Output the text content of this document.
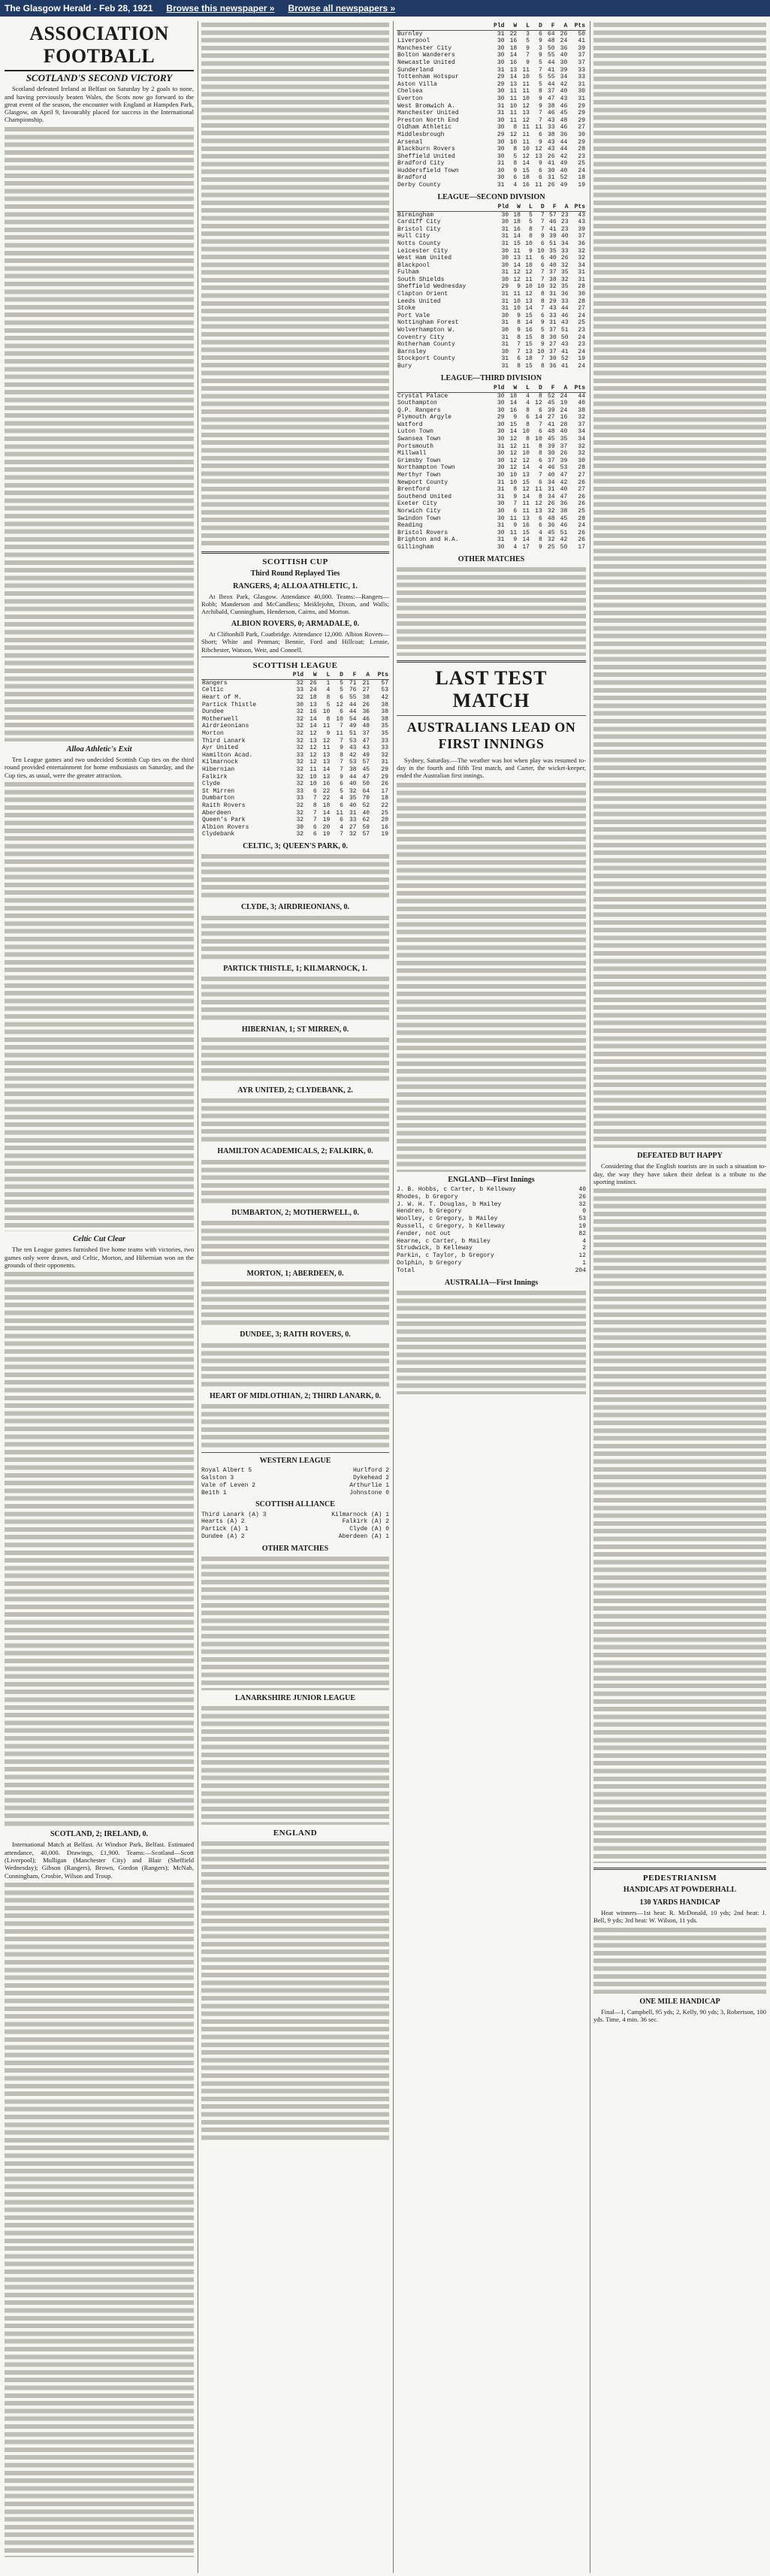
The Glasgow Herald - Feb 28, 1921 Browse this newspaper » Browse all newspapers »
ASSOCIATION FOOTBALL
SCOTLAND'S SECOND VICTORY
Scotland defeated Ireland at Belfast on Saturday by 2 goals to none, and having previously beaten Wales, the Scots now go forward to the great event of the season, the encounter with England at Hampden Park, Glasgow, on April 9, favourably placed for success in the International Championship.
Alloa Athletic's Exit
Ten League games and two undecided Scottish Cup ties on the third round provided entertainment for home enthusiasts on Saturday, and the Cup ties, as usual, were the greater attraction.
Celtic Cut Clear
The ten League games furnished five home teams with victories, two games only were drawn, and Celtic, Morton, and Hibernian won on the grounds of their opponents.
SCOTLAND, 2; IRELAND, 0.
International Match at Belfast. At Windsor Park, Belfast. Estimated attendance, 40,000. Drawings, £1,900. Teams:—Scotland—Scott (Liverpool); Mulligan (Manchester City) and Blair (Sheffield Wednesday); Gibson (Rangers), Brown, Gordon (Rangers); McNab, Cunningham, Crosbie, Wilson and Troup.
SCOTTISH CUP
Third Round Replayed Ties
RANGERS, 4; ALLOA ATHLETIC, 1.
At Ibrox Park, Glasgow. Attendance 40,000. Teams:—Rangers—Robb; Manderson and McCandless; Meiklejohn, Dixon, and Walls; Archibald, Cunningham, Henderson, Cairns, and Morton.
ALBION ROVERS, 0; ARMADALE, 0.
At Cliftonhill Park, Coatbridge. Attendance 12,000. Albion Rovers—Short; White and Penman; Bennie, Ford and Hillcoat; Lennie, Ribchester, Watson, Weir, and Connell.
SCOTTISH LEAGUE
	Pld	W	L	D	F	A	Pts
Rangers	32	26	1	5	71	21	57
Celtic	33	24	4	5	76	27	53
Heart of M.	32	18	8	6	55	38	42
Partick Thistle	30	13	5	12	44	26	38
Dundee	32	16	10	6	44	36	38
Motherwell	32	14	8	10	54	46	38
Airdrieonians	32	14	11	7	49	48	35
Morton	32	12	9	11	51	37	35
Third Lanark	32	13	12	7	53	47	33
Ayr United	32	12	11	9	43	43	33
Hamilton Acad.	33	12	13	8	42	49	32
Kilmarnock	32	12	13	7	53	57	31
Hibernian	32	11	14	7	38	45	29
Falkirk	32	10	13	9	44	47	29
Clyde	32	10	16	6	40	50	26
St Mirren	33	6	22	5	32	64	17
Dumbarton	33	7	22	4	35	70	18
Raith Rovers	32	8	18	6	40	52	22
Aberdeen	32	7	14	11	31	40	25
Queen's Park	32	7	19	6	33	62	20
Albion Rovers	30	6	20	4	27	59	16
Clydebank	32	6	19	7	32	57	19
CELTIC, 3; QUEEN'S PARK, 0.
CLYDE, 3; AIRDRIEONIANS, 0.
PARTICK THISTLE, 1; KILMARNOCK, 1.
HIBERNIAN, 1; ST MIRREN, 0.
AYR UNITED, 2; CLYDEBANK, 2.
HAMILTON ACADEMICALS, 2; FALKIRK, 0.
DUMBARTON, 2; MOTHERWELL, 0.
MORTON, 1; ABERDEEN, 0.
DUNDEE, 3; RAITH ROVERS, 0.
HEART OF MIDLOTHIAN, 2; THIRD LANARK, 0.
WESTERN LEAGUE
Royal Albert 5	Hurlford 2
Galston 3	Dykehead 2
Vale of Leven 2	Arthurlie 1
Beith 1	Johnstone 0
SCOTTISH ALLIANCE
Third Lanark (A) 3	Kilmarnock (A) 1
Hearts (A) 2	Falkirk (A) 2
Partick (A) 1	Clyde (A) 0
Dundee (A) 2	Aberdeen (A) 1
OTHER MATCHES
LANARKSHIRE JUNIOR LEAGUE
ENGLAND
	Pld	W	L	D	F	A	Pts
Burnley	31	22	3	6	64	26	50
Liverpool	30	16	5	9	48	24	41
Manchester City	30	18	9	3	50	36	39
Bolton Wanderers	30	14	7	9	55	40	37
Newcastle United	30	16	9	5	44	30	37
Sunderland	31	13	11	7	41	39	33
Tottenham Hotspur	29	14	10	5	55	34	33
Aston Villa	29	13	11	5	44	42	31
Chelsea	30	11	11	8	37	40	30
Everton	30	11	10	9	47	43	31
West Bromwich A.	31	10	12	9	38	46	29
Manchester United	31	11	13	7	46	45	29
Preston North End	30	11	12	7	43	48	29
Oldham Athletic	30	8	11	11	33	46	27
Middlesbrough	29	12	11	6	38	36	30
Arsenal	30	10	11	9	43	44	29
Blackburn Rovers	30	8	10	12	43	44	28
Sheffield United	30	5	12	13	26	42	23
Bradford City	31	8	14	9	41	49	25
Huddersfield Town	30	9	15	6	30	40	24
Bradford	30	6	18	6	31	52	18
Derby County	31	4	16	11	26	49	19
LEAGUE—SECOND DIVISION
	Pld	W	L	D	F	A	Pts
Birmingham	30	18	5	7	57	23	43
Cardiff City	30	18	5	7	46	23	43
Bristol City	31	16	8	7	41	23	39
Hull City	31	14	8	9	39	40	37
Notts County	31	15	10	6	51	34	36
Leicester City	30	11	9	10	35	33	32
West Ham United	30	13	11	6	40	26	32
Blackpool	30	14	10	6	40	32	34
Fulham	31	12	12	7	37	35	31
South Shields	30	12	11	7	38	32	31
Sheffield Wednesday	29	9	10	10	32	35	28
Clapton Orient	31	11	12	8	31	36	30
Leeds United	31	10	13	8	29	33	28
Stoke	31	10	14	7	43	44	27
Port Vale	30	9	15	6	33	46	24
Nottingham Forest	31	8	14	9	31	43	25
Wolverhampton W.	30	9	16	5	37	51	23
Coventry City	31	8	15	8	30	50	24
Rotherham County	31	7	15	9	27	43	23
Barnsley	30	7	13	10	37	41	24
Stockport County	31	6	18	7	30	52	19
Bury	31	8	15	8	36	41	24
LEAGUE—THIRD DIVISION
	Pld	W	L	D	F	A	Pts
Crystal Palace	30	18	4	8	52	24	44
Southampton	30	14	4	12	45	19	40
Q.P. Rangers	30	16	8	6	39	24	38
Plymouth Argyle	29	9	6	14	27	16	32
Watford	30	15	8	7	41	28	37
Luton Town	30	14	10	6	48	40	34
Swansea Town	30	12	8	10	45	35	34
Portsmouth	31	12	11	8	39	37	32
Millwall	30	12	10	8	30	26	32
Grimsby Town	30	12	12	6	37	39	30
Northampton Town	30	12	14	4	46	53	28
Merthyr Town	30	10	13	7	40	47	27
Newport County	31	10	15	6	34	42	26
Brentford	31	8	12	11	31	40	27
Southend United	31	9	14	8	34	47	26
Exeter City	30	7	11	12	26	36	26
Norwich City	30	6	11	13	32	38	25
Swindon Town	30	11	13	6	48	45	28
Reading	31	9	16	6	36	46	24
Bristol Rovers	30	11	15	4	45	51	26
Brighton and H.A.	31	9	14	8	32	42	26
Gillingham	30	4	17	9	25	50	17
OTHER MATCHES
LAST TEST MATCH
AUSTRALIANS LEAD ON FIRST INNINGS
Sydney, Saturday.—The weather was hot when play was resumed to-day in the fourth and fifth Test match, and Carter, the wicket-keeper, ended the Australian first innings.
ENGLAND—First Innings
J. B. Hobbs, c Carter, b Kelleway	40
Rhodes, b Gregory	26
J. W. H. T. Douglas, b Mailey	32
Hendren, b Gregory	0
Woolley, c Gregory, b Mailey	53
Russell, c Gregory, b Kelleway	19
Fender, not out	82
Hearne, c Carter, b Mailey	4
Strudwick, b Kelleway	2
Parkin, c Taylor, b Gregory	12
Dolphin, b Gregory	1
Total	204
AUSTRALIA—First Innings
DEFEATED BUT HAPPY
Considering that the English tourists are in such a situation to-day, the way they have taken their defeat is a tribute to the sporting instinct.
PEDESTRIANISM
HANDICAPS AT POWDERHALL
130 YARDS HANDICAP
Heat winners—1st heat: R. McDonald, 10 yds; 2nd heat: J. Bell, 9 yds; 3rd heat: W. Wilson, 11 yds.
ONE MILE HANDICAP
Final—1, Campbell, 95 yds; 2, Kelly, 90 yds; 3, Robertson, 100 yds. Time, 4 min. 36 sec.
